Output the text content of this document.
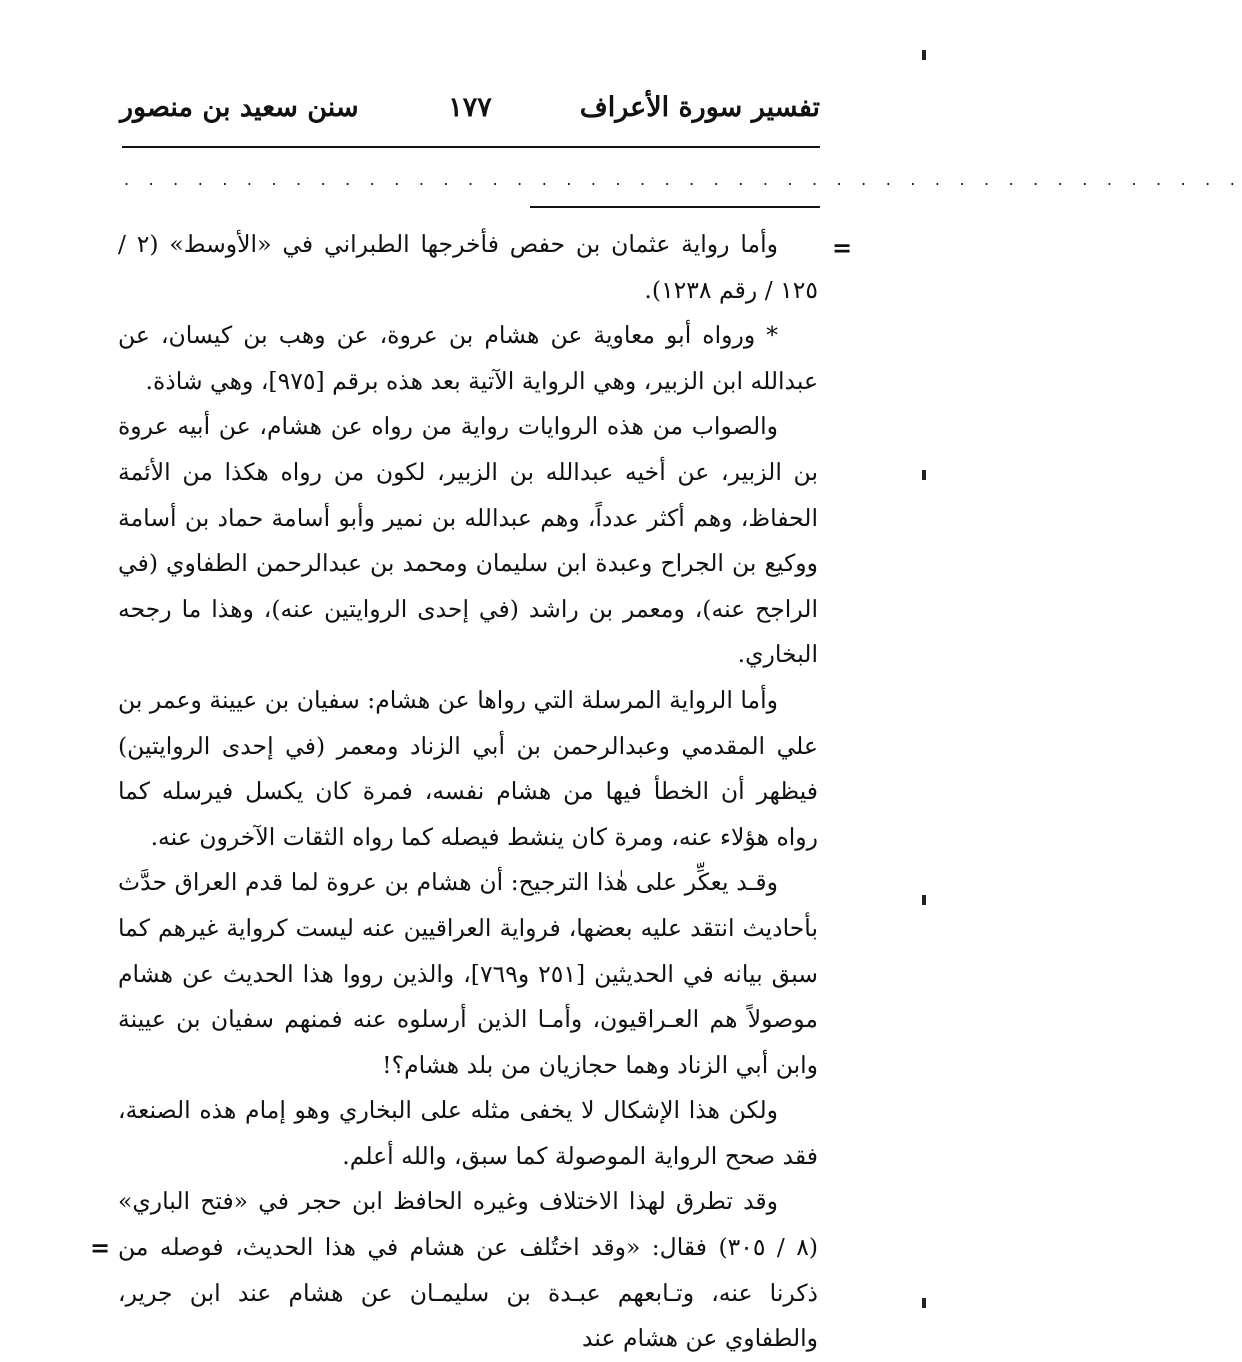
تفسير سورة الأعراف
١٧٧
سنن سعيد بن منصور
. . . . . . . . . . . . . . . . . . . . . . . . . . . . . . . . . . . . . . . . . . . . . .
=

وأما رواية عثمان بن حفص فأخرجها الطبراني في «الأوسط» (٢ / ١٢٥ / رقم ١٢٣٨).

* ورواه أبو معاوية عن هشام بن عروة، عن وهب بن كيسان، عن عبدالله ابن الزبير، وهي الرواية الآتية بعد هذه برقم [٩٧٥]، وهي شاذة.

والصواب من هذه الروايات رواية من رواه عن هشام، عن أبيه عروة بن الزبير، عن أخيه عبدالله بن الزبير، لكون من رواه هكذا من الأئمة الحفاظ، وهم أكثر عدداً، وهم عبدالله بن نمير وأبو أسامة حماد بن أسامة ووكيع بن الجراح وعبدة ابن سليمان ومحمد بن عبدالرحمن الطفاوي (في الراجح عنه)، ومعمر بن راشد (في إحدى الروايتين عنه)، وهذا ما رجحه البخاري.

وأما الرواية المرسلة التي رواها عن هشام: سفيان بن عيينة وعمر بن علي المقدمي وعبدالرحمن بن أبي الزناد ومعمر (في إحدى الروايتين) فيظهر أن الخطأ فيها من هشام نفسه، فمرة كان يكسل فيرسله كما رواه هؤلاء عنه، ومرة كان ينشط فيصله كما رواه الثقات الآخرون عنه.

وقـد يعكِّر على هٰذا الترجيح: أن هشام بن عروة لما قدم العراق حدَّث بأحاديث انتقد عليه بعضها، فرواية العراقيين عنه ليست كرواية غيرهم كما سبق بيانه في الحديثين [٢٥١ و٧٦٩]، والذين رووا هذا الحديث عن هشام موصولاً هم العـراقيون، وأمـا الذين أرسلوه عنه فمنهم سفيان بن عيينة وابن أبي الزناد وهما حجازيان من بلد هشام؟!

ولكن هذا الإشكال لا يخفى مثله على البخاري وهو إمام هذه الصنعة، فقد صحح الرواية الموصولة كما سبق، والله أعلم.

وقد تطرق لهذا الاختلاف وغيره الحافظ ابن حجر في «فتح الباري» (٨ / ٣٠٥) فقال: «وقد اختُلف عن هشام في هذا الحديث، فوصله من ذكرنا عنه، وتـابعهم عبـدة بن سليمـان عن هشام عند ابن جرير، والطفاوي عن هشام عند

=
